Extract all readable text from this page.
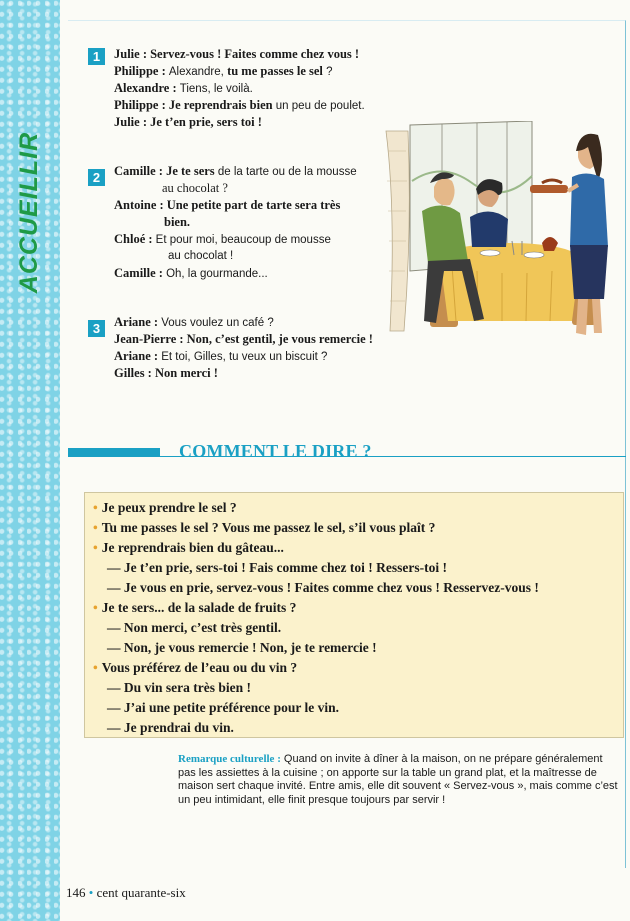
ACCUEILLIR
1	Julie : Servez-vous ! Faites comme chez vous !
Philippe : Alexandre, tu me passes le sel ?
Alexandre : Tiens, le voilà.
Philippe : Je reprendrais bien un peu de poulet.
Julie : Je t’en prie, sers toi !
2	Camille : Je te sers de la tarte ou de la mousse
au chocolat ?
Antoine : Une petite part de tarte sera très
bien.
Chloé : Et pour moi, beaucoup de mousse
au chocolat !
Camille : Oh, la gourmande...
3	Ariane : Vous voulez un café ?
Jean-Pierre : Non, c’est gentil, je vous remercie !
Ariane : Et toi, Gilles, tu veux un biscuit ?
Gilles : Non merci !
COMMENT LE DIRE ?
• Je peux prendre le sel ?
• Tu me passes le sel ? Vous me passez le sel, s’il vous plaît ?
• Je reprendrais bien du gâteau...
— Je t’en prie, sers-toi ! Fais comme chez toi ! Ressers-toi !
— Je vous en prie, servez-vous ! Faites comme chez vous ! Resservez-vous !
• Je te sers... de la salade de fruits ?
— Non merci, c’est très gentil.
— Non, je vous remercie ! Non, je te remercie !
• Vous préférez de l’eau ou du vin ?
— Du vin sera très bien !
— J’ai une petite préférence pour le vin.
— Je prendrai du vin.
Remarque culturelle : Quand on invite à dîner à la maison, on ne prépare généralement pas les assiettes à la cuisine ; on apporte sur la table un grand plat, et la maîtresse de maison sert chaque invité. Entre amis, elle dit souvent « Servez-vous », mais comme c’est un peu intimidant, elle finit presque toujours par servir !
146 • cent quarante-six
